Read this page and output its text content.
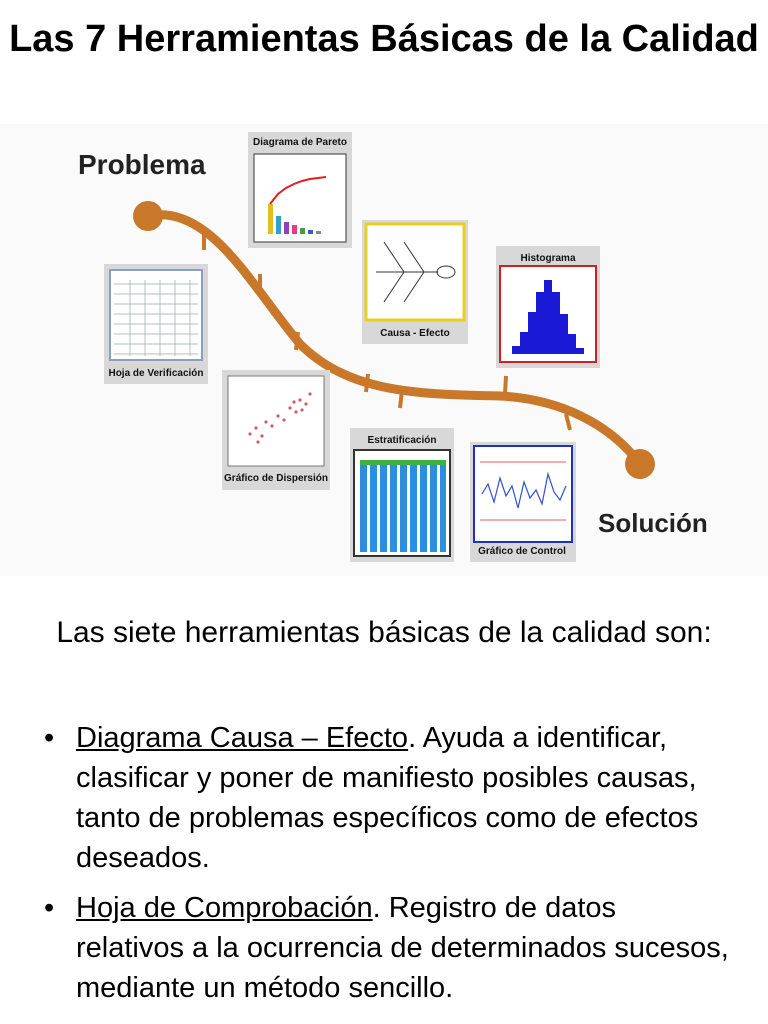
Las 7 Herramientas Básicas de la Calidad
Problema
Solución
Diagrama de Pareto
Hoja de Verificación
Causa - Efecto
Histograma
Gráfico de Dispersión
Estratificación
Gráfico de Control

Las siete herramientas básicas de la calidad son:

• Diagrama Causa – Efecto. Ayuda a identificar, clasificar y poner de manifiesto posibles causas, tanto de problemas específicos como de efectos deseados.
• Hoja de Comprobación. Registro de datos relativos a la ocurrencia de determinados sucesos, mediante un método sencillo.
